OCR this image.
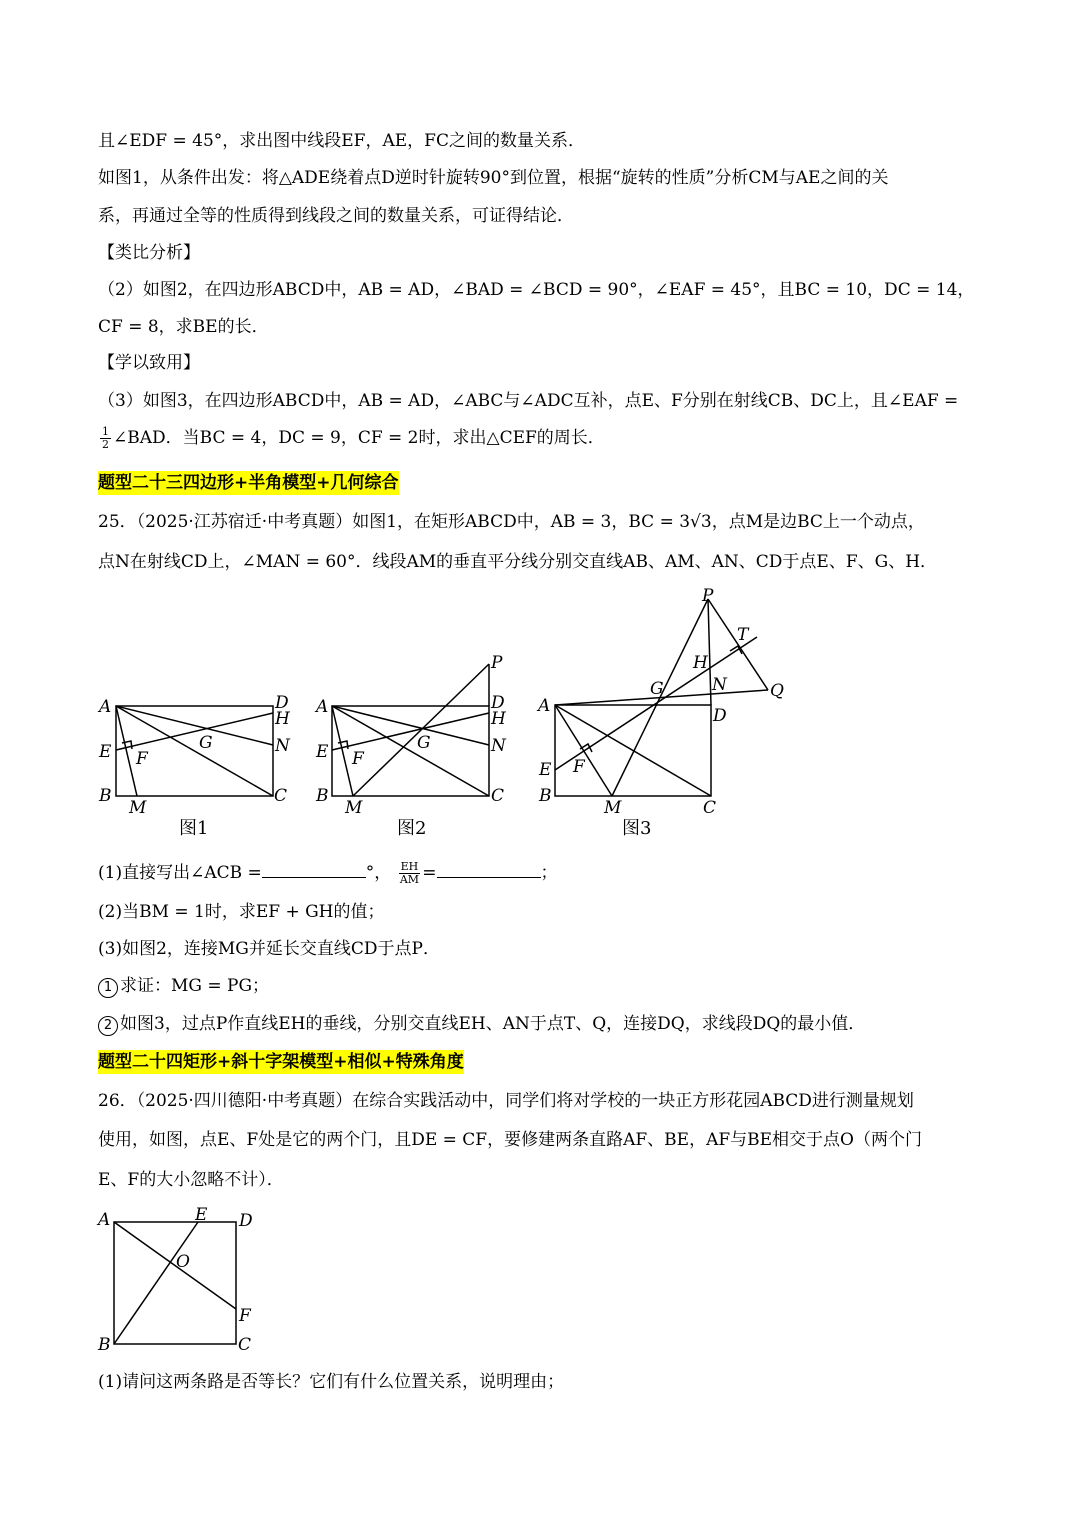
且∠EDF = 45°，求出图中线段EF，AE，FC之间的数量关系．
如图1，从条件出发：将△ADE绕着点D逆时针旋转90°到位置，根据“旋转的性质”分析CM与AE之间的关
系，再通过全等的性质得到线段之间的数量关系，可证得结论．
【类比分析】
（2）如图2，在四边形ABCD中，AB = AD，∠BAD = ∠BCD = 90°，∠EAF = 45°，且BC = 10，DC = 14，
CF = 8，求BE的长．
【学以致用】
（3）如图3，在四边形ABCD中，AB = AD，∠ABC与∠ADC互补，点E、F分别在射线CB、DC上，且∠EAF =
$\frac{1}{2}$ ∠BAD．当BC = 4，DC = 9，CF = 2时，求出△CEF的周长．
题型二十三四边形+半角模型+几何综合
25．（2025·江苏宿迁·中考真题）如图1，在矩形ABCD中，AB = 3，BC = 3√3，点M是边BC上一个动点，
点N在射线CD上，∠MAN = 60°．线段AM的垂直平分线分别交直线AB、AM、AN、CD于点E、F、G、H．
A	D
H
E	G	N
F
B
M
C
图1
P
A	D
H
E	G	N
F
B
M
C
图2
P
T
H
G	N	Q
A	D
E F
B
M	C
图3
(1)直接写出∠ACB =	°， $\frac{EH}{AM}$ =	；
(2)当BM = 1时，求EF + GH的值；
(3)如图2，连接MG并延长交直线CD于点P．
1 求证：MG = PG；
2 如图3，过点P作直线EH的垂线，分别交直线EH、AN于点T、Q，连接DQ，求线段DQ的最小值．
题型二十四矩形+斜十字架模型+相似+特殊角度
26．（2025·四川德阳·中考真题）在综合实践活动中，同学们将对学校的一块正方形花园ABCD进行测量规划
使用，如图，点E、F处是它的两个门，且DE = CF，要修建两条直路AF、BE，AF与BE相交于点O（两个门
E、F的大小忽略不计）．
A	E D
O
F
B	C
(1)请问这两条路是否等长？它们有什么位置关系，说明理由；
